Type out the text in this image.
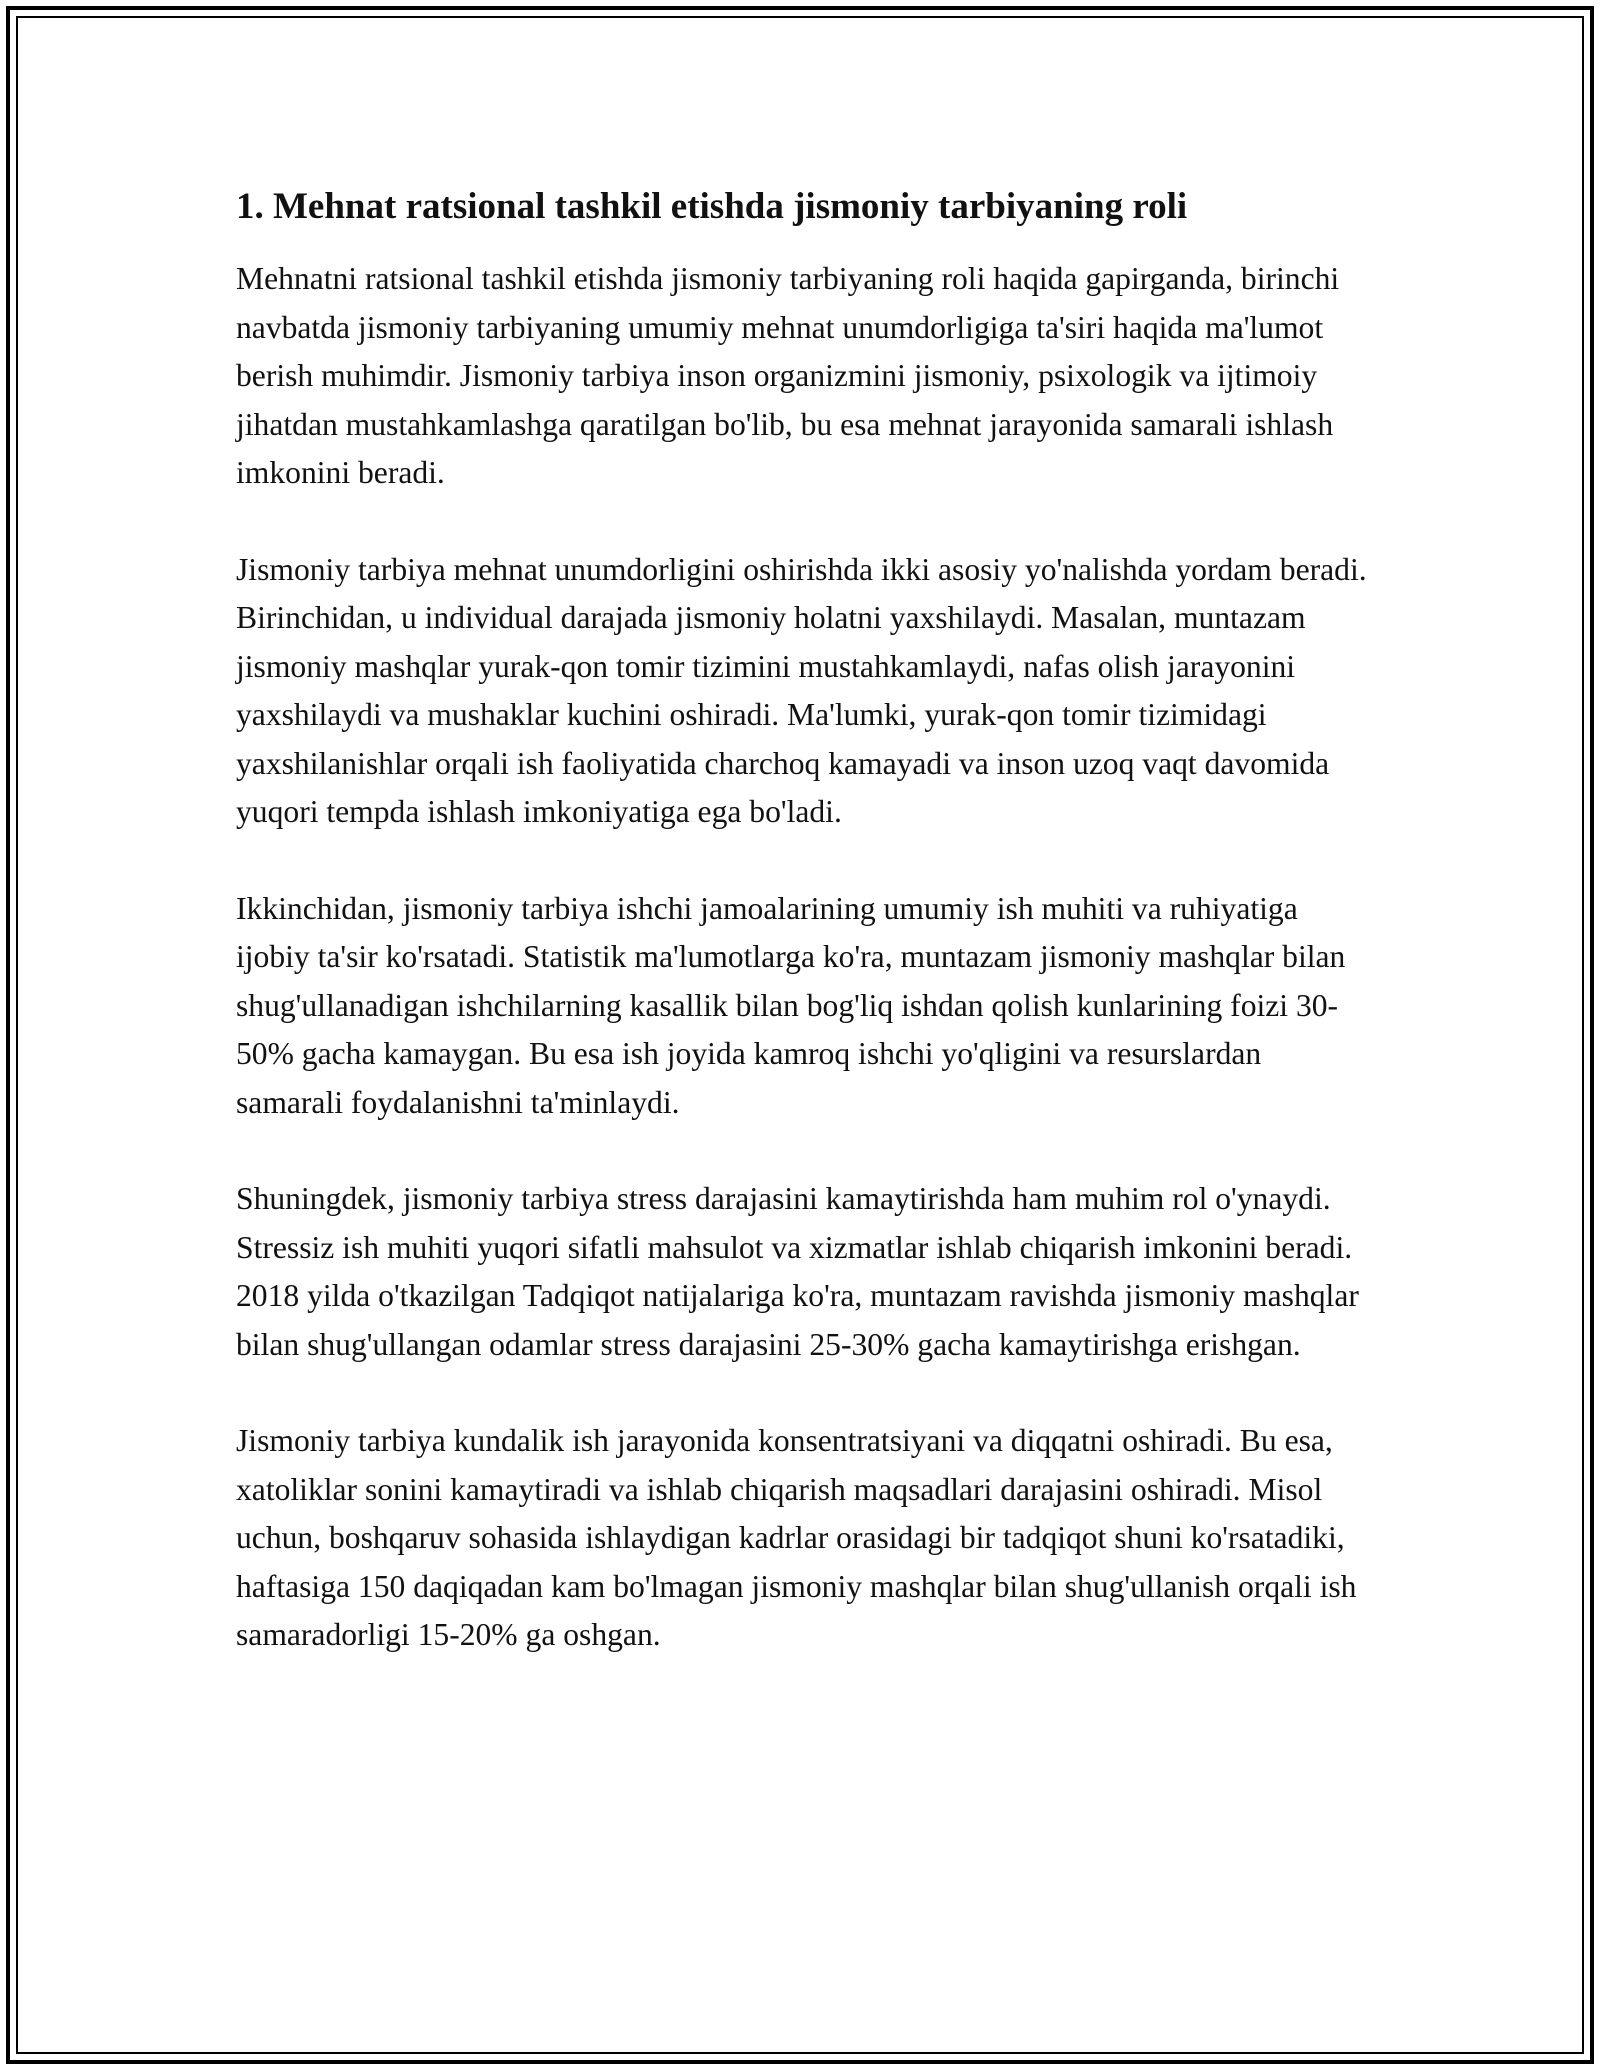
1. Mehnat ratsional tashkil etishda jismoniy tarbiyaning roli

Mehnatni ratsional tashkil etishda jismoniy tarbiyaning roli haqida gapirganda, birinchi navbatda jismoniy tarbiyaning umumiy mehnat unumdorligiga ta'siri haqida ma'lumot berish muhimdir. Jismoniy tarbiya inson organizmini jismoniy, psixologik va ijtimoiy jihatdan mustahkamlashga qaratilgan bo'lib, bu esa mehnat jarayonida samarali ishlash imkonini beradi.

Jismoniy tarbiya mehnat unumdorligini oshirishda ikki asosiy yo'nalishda yordam beradi. Birinchidan, u individual darajada jismoniy holatni yaxshilaydi. Masalan, muntazam jismoniy mashqlar yurak-qon tomir tizimini mustahkamlaydi, nafas olish jarayonini yaxshilaydi va mushaklar kuchini oshiradi. Ma'lumki, yurak-qon tomir tizimidagi yaxshilanishlar orqali ish faoliyatida charchoq kamayadi va inson uzoq vaqt davomida yuqori tempda ishlash imkoniyatiga ega bo'ladi.

Ikkinchidan, jismoniy tarbiya ishchi jamoalarining umumiy ish muhiti va ruhiyatiga ijobiy ta'sir ko'rsatadi. Statistik ma'lumotlarga ko'ra, muntazam jismoniy mashqlar bilan shug'ullanadigan ishchilarning kasallik bilan bog'liq ishdan qolish kunlarining foizi 30-50% gacha kamaygan. Bu esa ish joyida kamroq ishchi yo'qligini va resurslardan samarali foydalanishni ta'minlaydi.

Shuningdek, jismoniy tarbiya stress darajasini kamaytirishda ham muhim rol o'ynaydi. Stressiz ish muhiti yuqori sifatli mahsulot va xizmatlar ishlab chiqarish imkonini beradi. 2018 yilda o'tkazilgan Tadqiqot natijalariga ko'ra, muntazam ravishda jismoniy mashqlar bilan shug'ullangan odamlar stress darajasini 25-30% gacha kamaytirishga erishgan.

Jismoniy tarbiya kundalik ish jarayonida konsentratsiyani va diqqatni oshiradi. Bu esa, xatoliklar sonini kamaytiradi va ishlab chiqarish maqsadlari darajasini oshiradi. Misol uchun, boshqaruv sohasida ishlaydigan kadrlar orasidagi bir tadqiqot shuni ko'rsatadiki, haftasiga 150 daqiqadan kam bo'lmagan jismoniy mashqlar bilan shug'ullanish orqali ish samaradorligi 15-20% ga oshgan.
